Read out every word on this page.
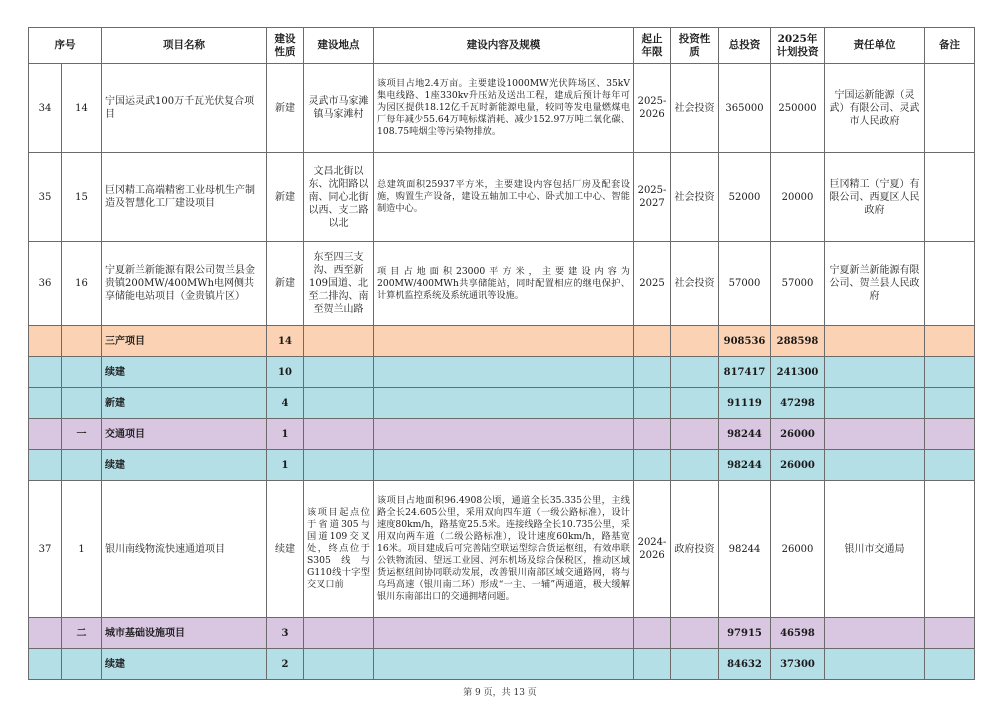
序号		项目名称	建设性质	建设地点	建设内容及规模	起止年限	投资性质	总投资	2025年计划投资	责任单位	备注
34	14	宁国运灵武100万千瓦光伏复合项目	新建	灵武市马家滩镇马家滩村	该项目占地2.4万亩。主要建设1000MW光伏阵场区、35kV集电线路、1座330kv升压站及送出工程，建成后预计每年可为园区提供18.12亿千瓦时新能源电量，较同等发电量燃煤电厂每年减少55.64万吨标煤消耗、减少152.97万吨二氧化碳、108.75吨烟尘等污染物排放。	2025-2026	社会投资	365000	250000	宁国运新能源（灵武）有限公司、灵武市人民政府	
35	15	巨冈精工高端精密工业母机生产制造及智慧化工厂建设项目	新建	文昌北街以东、沈阳路以南、同心北街以西、支二路以北	总建筑面积25937平方米，主要建设内容包括厂房及配套设施，购置生产设备，建设五轴加工中心、卧式加工中心、智能制造中心。	2025-2027	社会投资	52000	20000	巨冈精工（宁夏）有限公司、西夏区人民政府	
36	16	宁夏新兰新能源有限公司贺兰县金贵镇200MW/400MWh电网侧共享储能电站项目（金贵镇片区）	新建	东至四三支沟、西至新109国道、北至二排沟、南至贺兰山路	项目占地面积23000平方米，主要建设内容为200MW/400MWh共享储能站，同时配置相应的继电保护、计算机监控系统及系统通讯等设施。	2025	社会投资	57000	57000	宁夏新兰新能源有限公司、贺兰县人民政府	
		三产项目	14					908536	288598		
		续建	10					817417	241300		
		新建	4					91119	47298		
	一	交通项目	1					98244	26000		
		续建	1					98244	26000		
37	1	银川南线物流快速通道项目	续建	该项目起点位于省道305与国道109交叉处，终点位于S305线与G110线十字型交叉口前	该项目占地面积96.4908公顷，通道全长35.335公里，主线路全长24.605公里，采用双向四车道（一级公路标准），设计速度80km/h，路基宽25.5米。连接线路全长10.735公里，采用双向两车道（二级公路标准），设计速度60km/h，路基宽16米。项目建成后可完善陆空联运型综合货运枢纽，有效串联公铁物流园、望远工业园、河东机场及综合保税区，推动区域货运枢纽间协同联动发展，改善银川南部区域交通路网，将与乌玛高速（银川南二环）形成“一主、一辅”两通道，极大缓解银川东南部出口的交通拥堵问题。	2024-2026	政府投资	98244	26000	银川市交通局	
	二	城市基础设施项目	3					97915	46598		
		续建	2					84632	37300		
第 9 页，共 13 页
